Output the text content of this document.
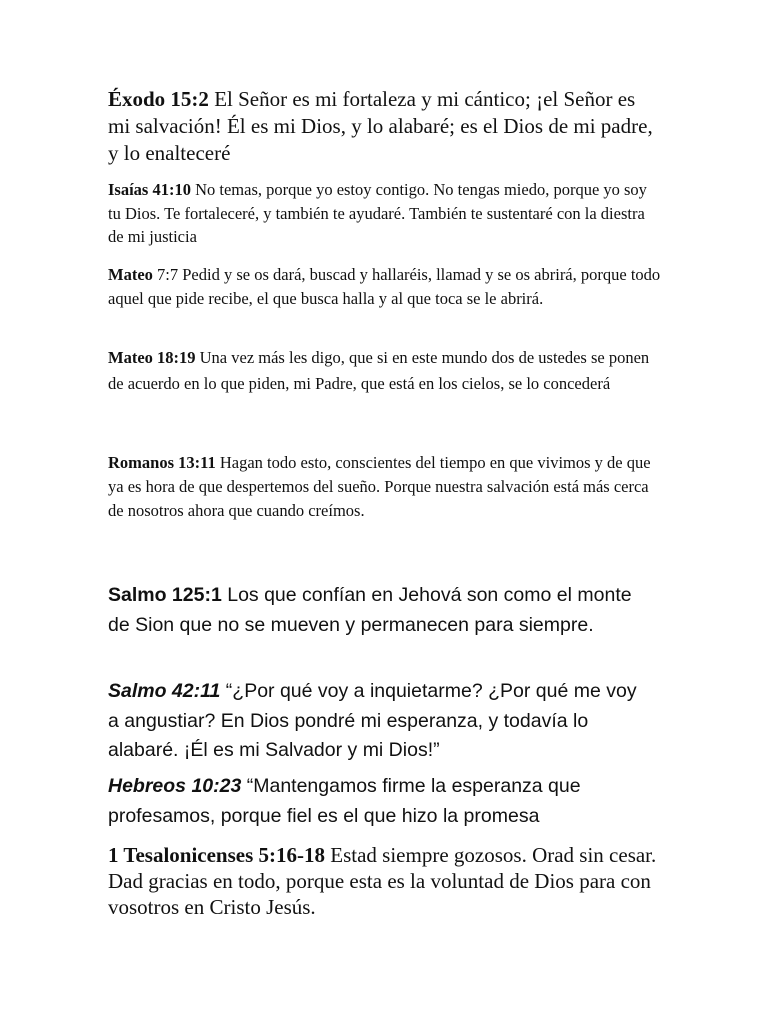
Éxodo 15:2 El Señor es mi fortaleza y mi cántico; ¡el Señor es mi salvación! Él es mi Dios, y lo alabaré; es el Dios de mi padre, y lo enalteceré

Isaías 41:10 No temas, porque yo estoy contigo. No tengas miedo, porque yo soy tu Dios. Te fortaleceré, y también te ayudaré. También te sustentaré con la diestra de mi justicia

Mateo 7:7 Pedid y se os dará, buscad y hallaréis, llamad y se os abrirá, porque todo aquel que pide recibe, el que busca halla y al que toca se le abrirá.

Mateo 18:19 Una vez más les digo, que si en este mundo dos de ustedes se ponen de acuerdo en lo que piden, mi Padre, que está en los cielos, se lo concederá

Romanos 13:11 Hagan todo esto, conscientes del tiempo en que vivimos y de que ya es hora de que despertemos del sueño. Porque nuestra salvación está más cerca de nosotros ahora que cuando creímos.

Salmo 125:1 Los que confían en Jehová son como el monte de Sion que no se mueven y permanecen para siempre.

Salmo 42:11 “¿Por qué voy a inquietarme? ¿Por qué me voy a angustiar? En Dios pondré mi esperanza, y todavía lo alabaré. ¡Él es mi Salvador y mi Dios!”

Hebreos 10:23 “Mantengamos firme la esperanza que profesamos, porque fiel es el que hizo la promesa

1 Tesalonicenses 5:16-18 Estad siempre gozosos. Orad sin cesar. Dad gracias en todo, porque esta es la voluntad de Dios para con vosotros en Cristo Jesús.
